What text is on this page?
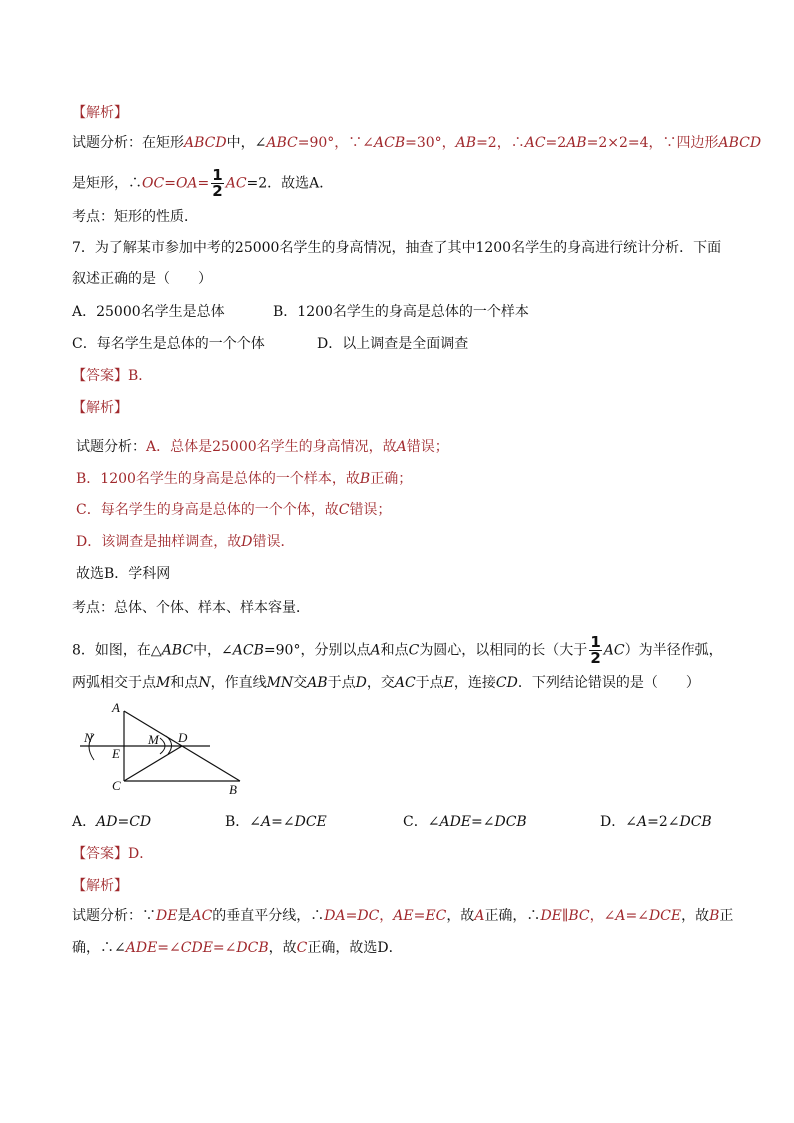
【解析】
试题分析：在矩形ABCD中，∠ABC=90°，∵∠ACB=30°，AB=2，∴AC=2AB=2×2=4，∵四边形ABCD
是矩形，∴OC=OA= $\frac{1}{2} AC=2$．故选A．
考点：矩形的性质．
7．为了解某市参加中考的25000名学生的身高情况，抽查了其中1200名学生的身高进行统计分析．下面
叙述正确的是（　　）
A．25000名学生是总体	B．1200名学生的身高是总体的一个样本
C．每名学生是总体的一个个体	D．以上调查是全面调查
【答案】B．
【解析】
试题分析：A．总体是25000名学生的身高情况，故A错误；
B．1200名学生的身高是总体的一个样本，故B正确；
C．每名学生的身高是总体的一个个体，故C错误；
D．该调查是抽样调查，故D错误．
故选B．学科网
考点：总体、个体、样本、样本容量．
8．如图，在△ABC中，∠ACB=90°，分别以点A和点C为圆心，以相同的长（大于 $\frac{1}{2} AC$）为半径作弧，
两弧相交于点M和点N，作直线MN交AB于点D，交AC于点E，连接CD．下列结论错误的是（　　）
A
N	M D
E
C	B
A．AD=CD	B．∠A=∠DCE	C．∠ADE=∠DCB	D．∠A=2∠DCB
【答案】D．
【解析】
试题分析：∵DE是AC的垂直平分线，∴DA=DC，AE=EC，故A正确，∴DE∥BC，∠A=∠DCE，故B正
确，∴∠ADE=∠CDE=∠DCB，故C正确，故选D．
